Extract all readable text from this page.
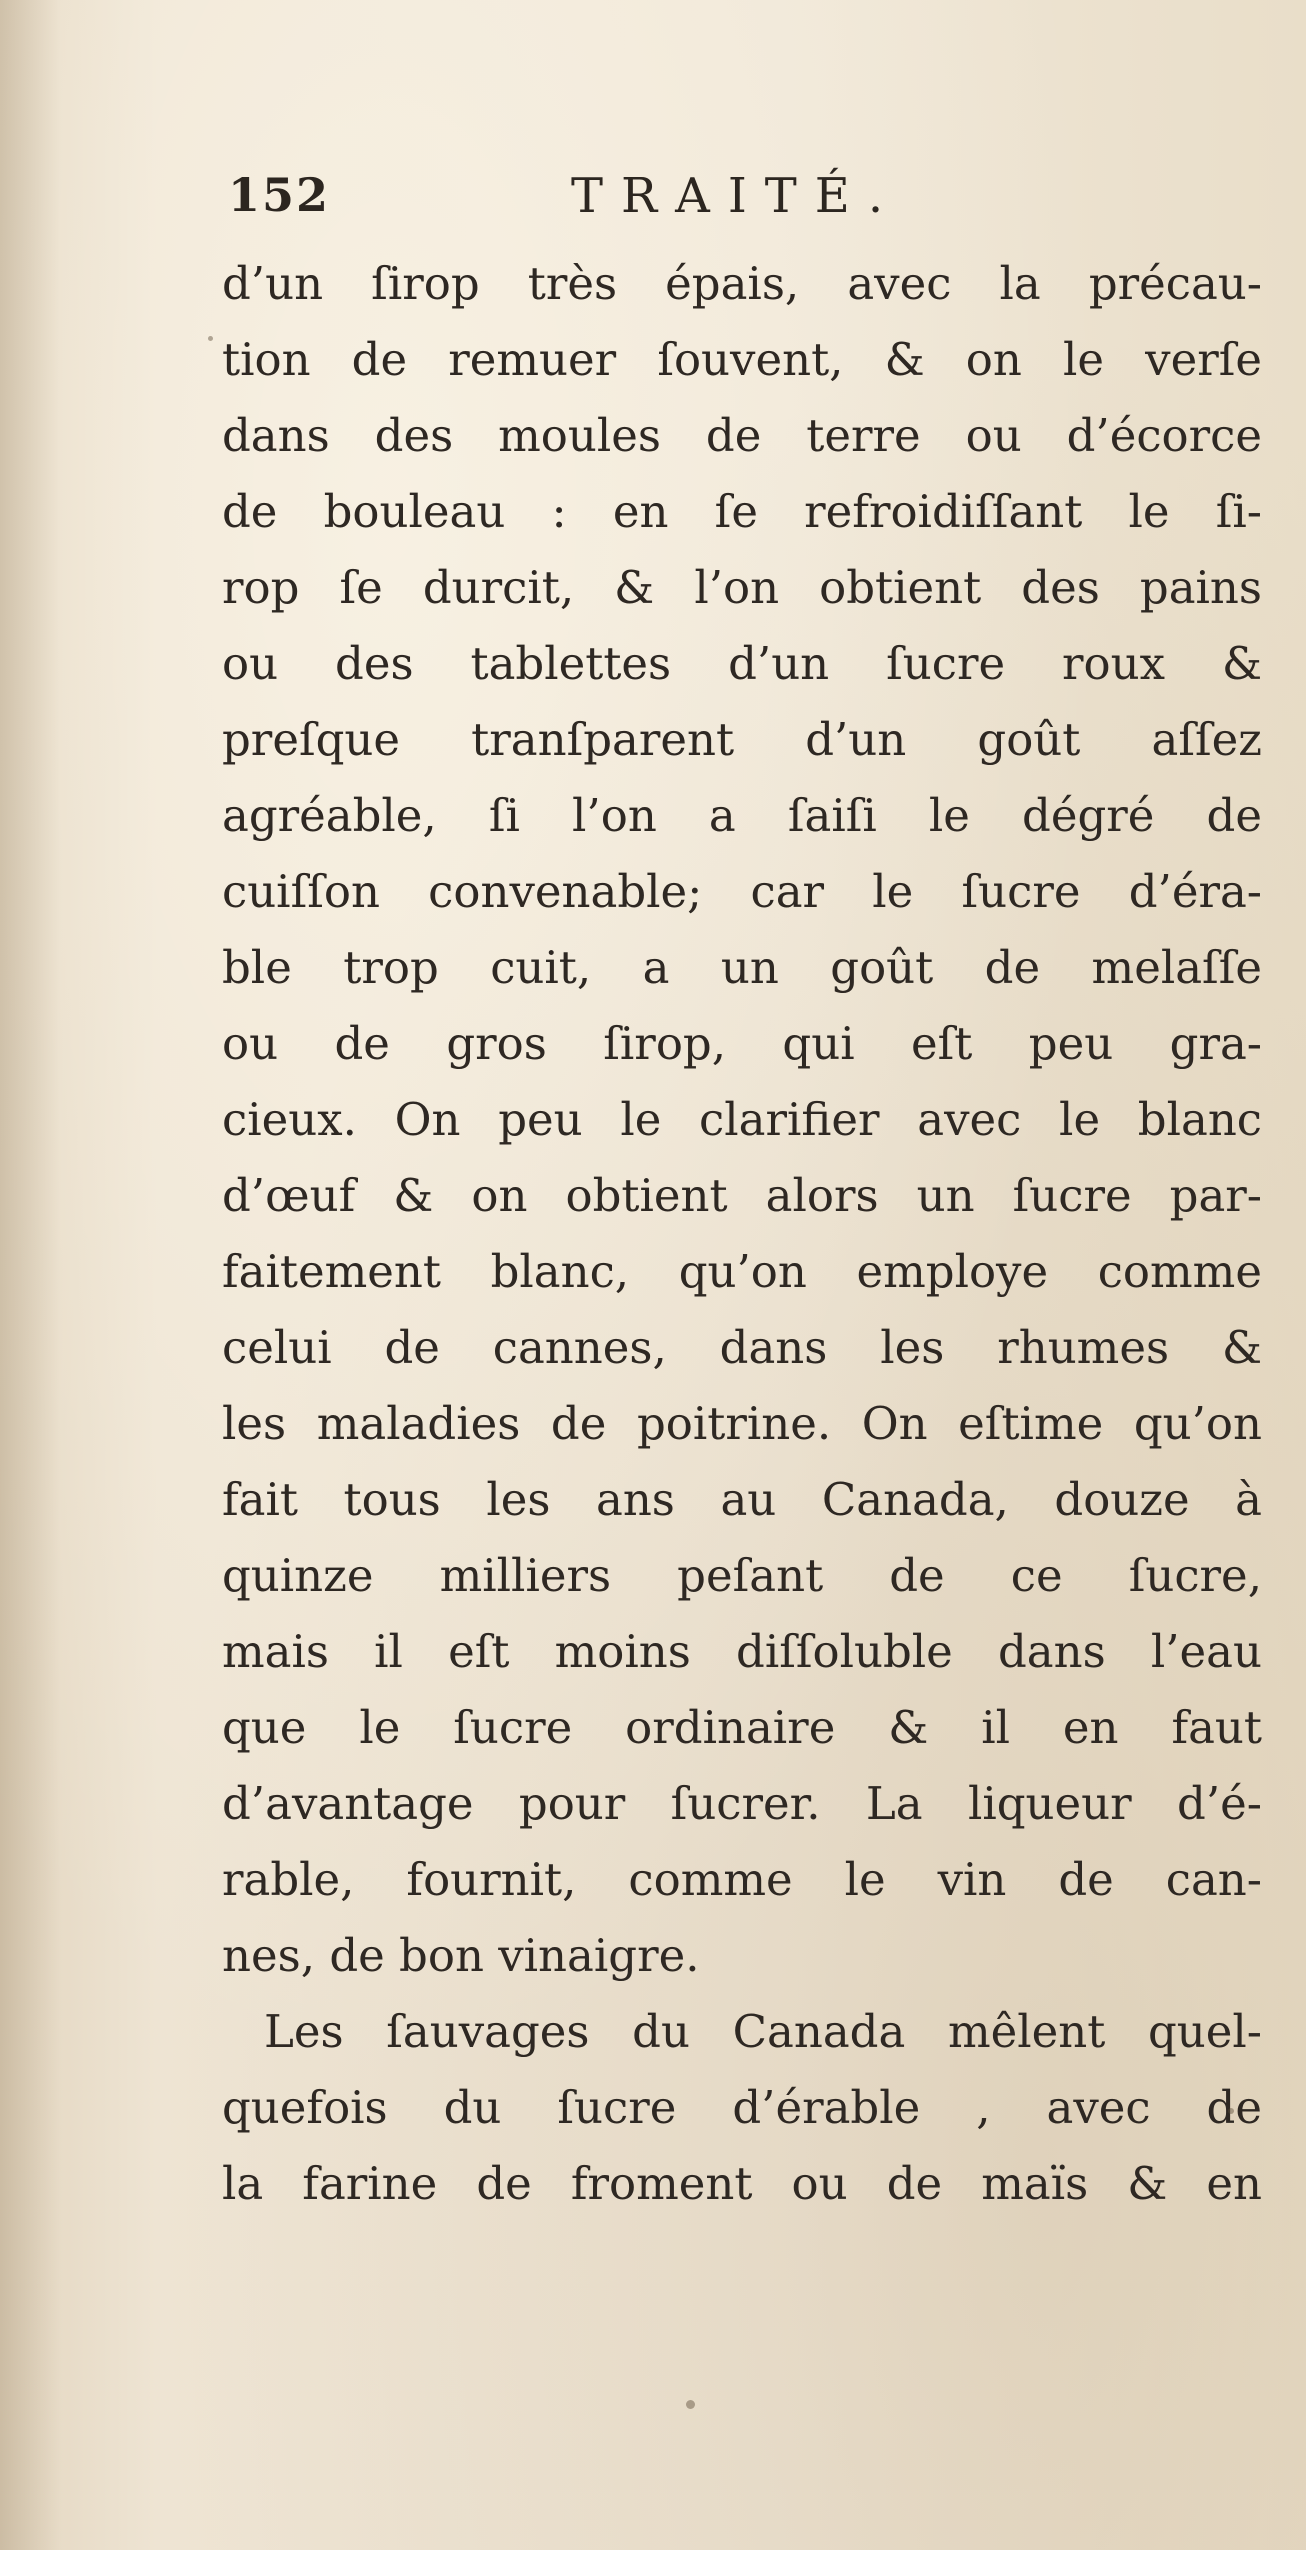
152	TRAITÉ.
d’un ſirop très épais, avec la précau-
tion de remuer ſouvent, & on le verſe
dans des moules de terre ou d’écorce
de bouleau : en ſe refroidiſſant le ſi-
rop ſe durcit, & l’on obtient des pains
ou des tablettes d’un ſucre roux &
preſque tranſparent d’un goût aſſez
agréable, ſi l’on a ſaiſi le dégré de
cuiſſon convenable; car le ſucre d’éra-
ble trop cuit, a un goût de melaſſe
ou de gros ſirop, qui eſt peu gra-
cieux. On peu le clarifier avec le blanc
d’œuf & on obtient alors un ſucre par-
faitement blanc, qu’on employe comme
celui de cannes, dans les rhumes &
les maladies de poitrine. On eſtime qu’on
fait tous les ans au Canada, douze à
quinze milliers peſant de ce ſucre,
mais il eſt moins diſſoluble dans l’eau
que le ſucre ordinaire & il en faut
d’avantage pour ſucrer. La liqueur d’é-
rable, fournit, comme le vin de can-
nes, de bon vinaigre.
Les ſauvages du Canada mêlent quel-
quefois du ſucre d’érable , avec de
la farine de froment ou de maïs & en
